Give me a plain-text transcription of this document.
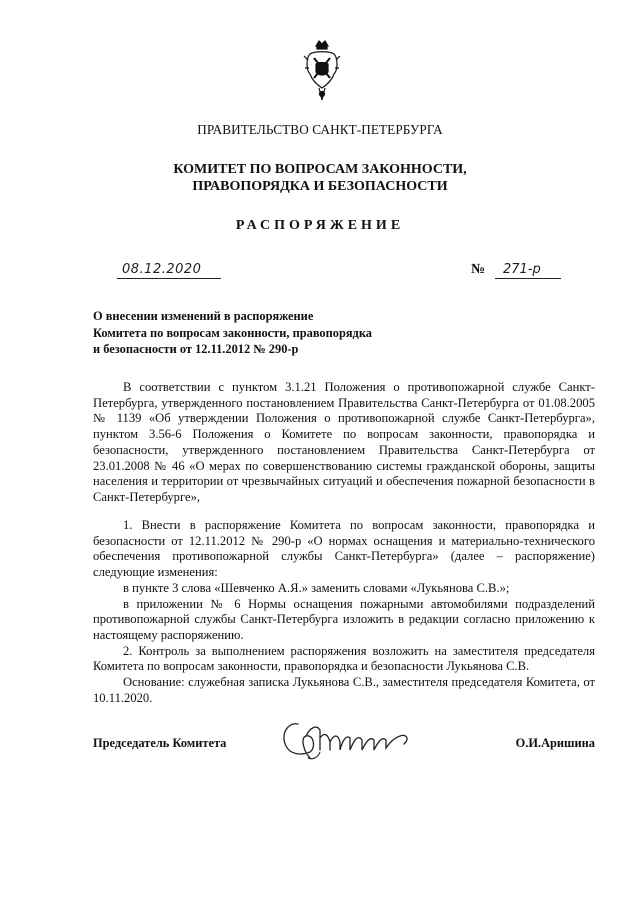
ПРАВИТЕЛЬСТВО САНКТ-ПЕТЕРБУРГА
КОМИТЕТ ПО ВОПРОСАМ ЗАКОННОСТИ,
ПРАВОПОРЯДКА И БЕЗОПАСНОСТИ
РАСПОРЯЖЕНИЕ
08.12.2020	№ 271-р
О внесении изменений в распоряжение
Комитета по вопросам законности, правопорядка
и безопасности от 12.11.2012 № 290-р

В соответствии с пунктом 3.1.21 Положения о противопожарной службе Санкт-Петербурга, утвержденного постановлением Правительства Санкт-Петербурга от 01.08.2005 № 1139 «Об утверждении Положения о противопожарной службе Санкт-Петербурга», пунктом 3.56-6 Положения о Комитете по вопросам законности, правопорядка и безопасности, утвержденного постановлением Правительства Санкт-Петербурга от 23.01.2008 № 46 «О мерах по совершенствованию системы гражданской обороны, защиты населения и территории от чрезвычайных ситуаций и обеспечения пожарной безопасности в Санкт-Петербурге»,

1. Внести в распоряжение Комитета по вопросам законности, правопорядка и безопасности от 12.11.2012 № 290-р «О нормах оснащения и материально-технического обеспечения противопожарной службы Санкт-Петербурга» (далее – распоряжение) следующие изменения:

в пункте 3 слова «Шевченко А.Я.» заменить словами «Лукьянова С.В.»;

в приложении № 6 Нормы оснащения пожарными автомобилями подразделений противопожарной службы Санкт-Петербурга изложить в редакции согласно приложению к настоящему распоряжению.

2. Контроль за выполнением распоряжения возложить на заместителя председателя Комитета по вопросам законности, правопорядка и безопасности Лукьянова С.В.

Основание: служебная записка Лукьянова С.В., заместителя председателя Комитета, от 10.11.2020.

Председатель Комитета	О.И.Аришина
